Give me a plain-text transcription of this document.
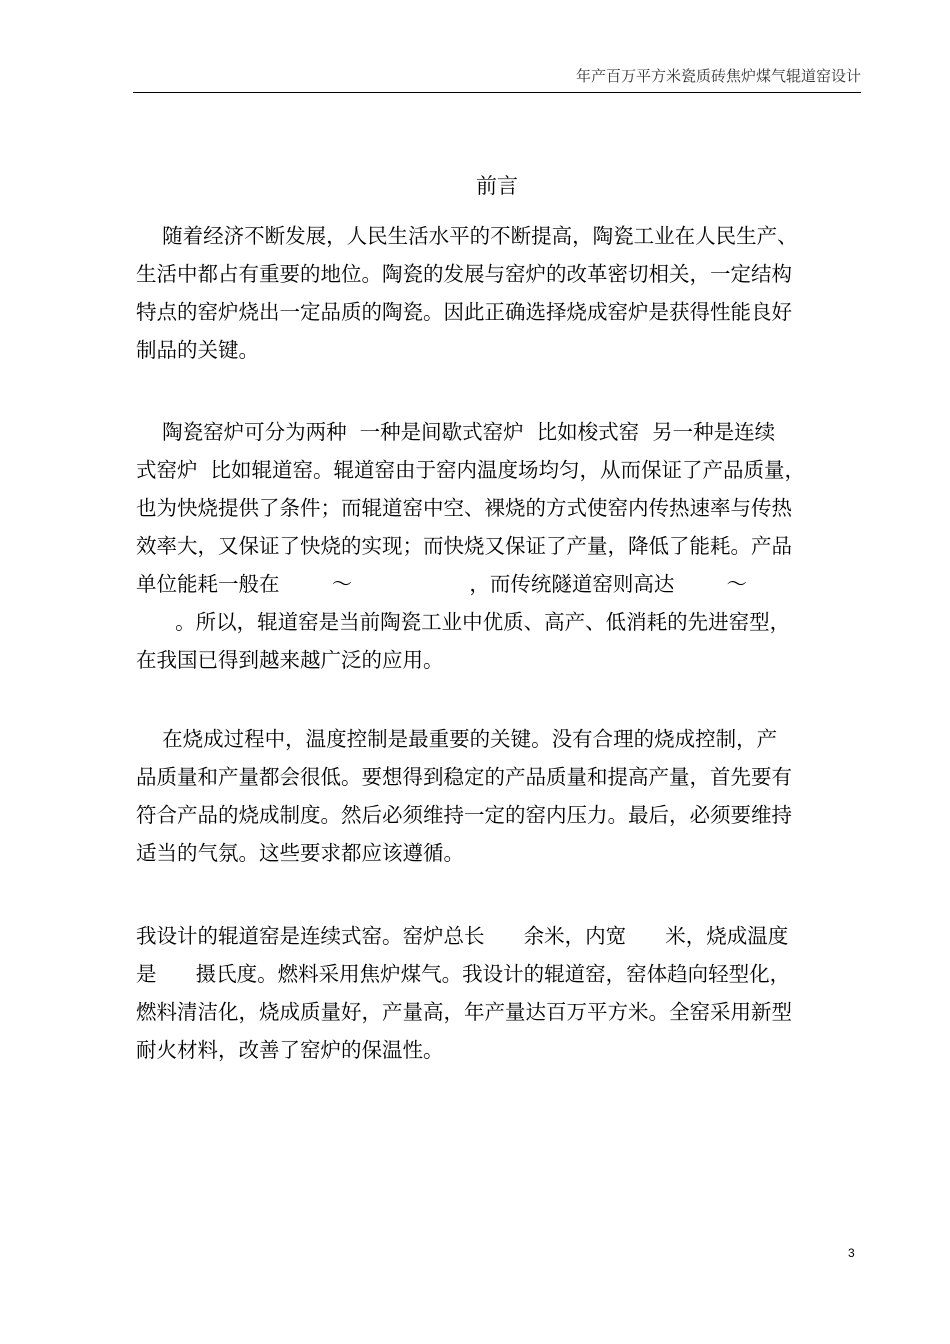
年产百万平方米瓷质砖焦炉煤气辊道窑设计
前言
随着经济不断发展，人民生活水平的不断提高，陶瓷工业在人民生产、
生活中都占有重要的地位。陶瓷的发展与窑炉的改革密切相关，一定结构
特点的窑炉烧出一定品质的陶瓷。因此正确选择烧成窑炉是获得性能良好
制品的关键。
陶瓷窑炉可分为两种  一种是间歇式窑炉  比如梭式窑  另一种是连续
式窑炉  比如辊道窑。辊道窑由于窑内温度场均匀，从而保证了产品质量，
也为快烧提供了条件；而辊道窑中空、裸烧的方式使窑内传热速率与传热
效率大，又保证了快烧的实现；而快烧又保证了产量，降低了能耗。产品
单位能耗一般在        ～                  ，而传统隧道窑则高达        ～
。所以，辊道窑是当前陶瓷工业中优质、高产、低消耗的先进窑型，
在我国已得到越来越广泛的应用。
在烧成过程中，温度控制是最重要的关键。没有合理的烧成控制，产
品质量和产量都会很低。要想得到稳定的产品质量和提高产量，首先要有
符合产品的烧成制度。然后必须维持一定的窑内压力。最后，必须要维持
适当的气氛。这些要求都应该遵循。
我设计的辊道窑是连续式窑。窑炉总长      余米，内宽      米，烧成温度
是      摄氏度。燃料采用焦炉煤气。我设计的辊道窑，窑体趋向轻型化，
燃料清洁化，烧成质量好，产量高，年产量达百万平方米。全窑采用新型
耐火材料，改善了窑炉的保温性。
3
